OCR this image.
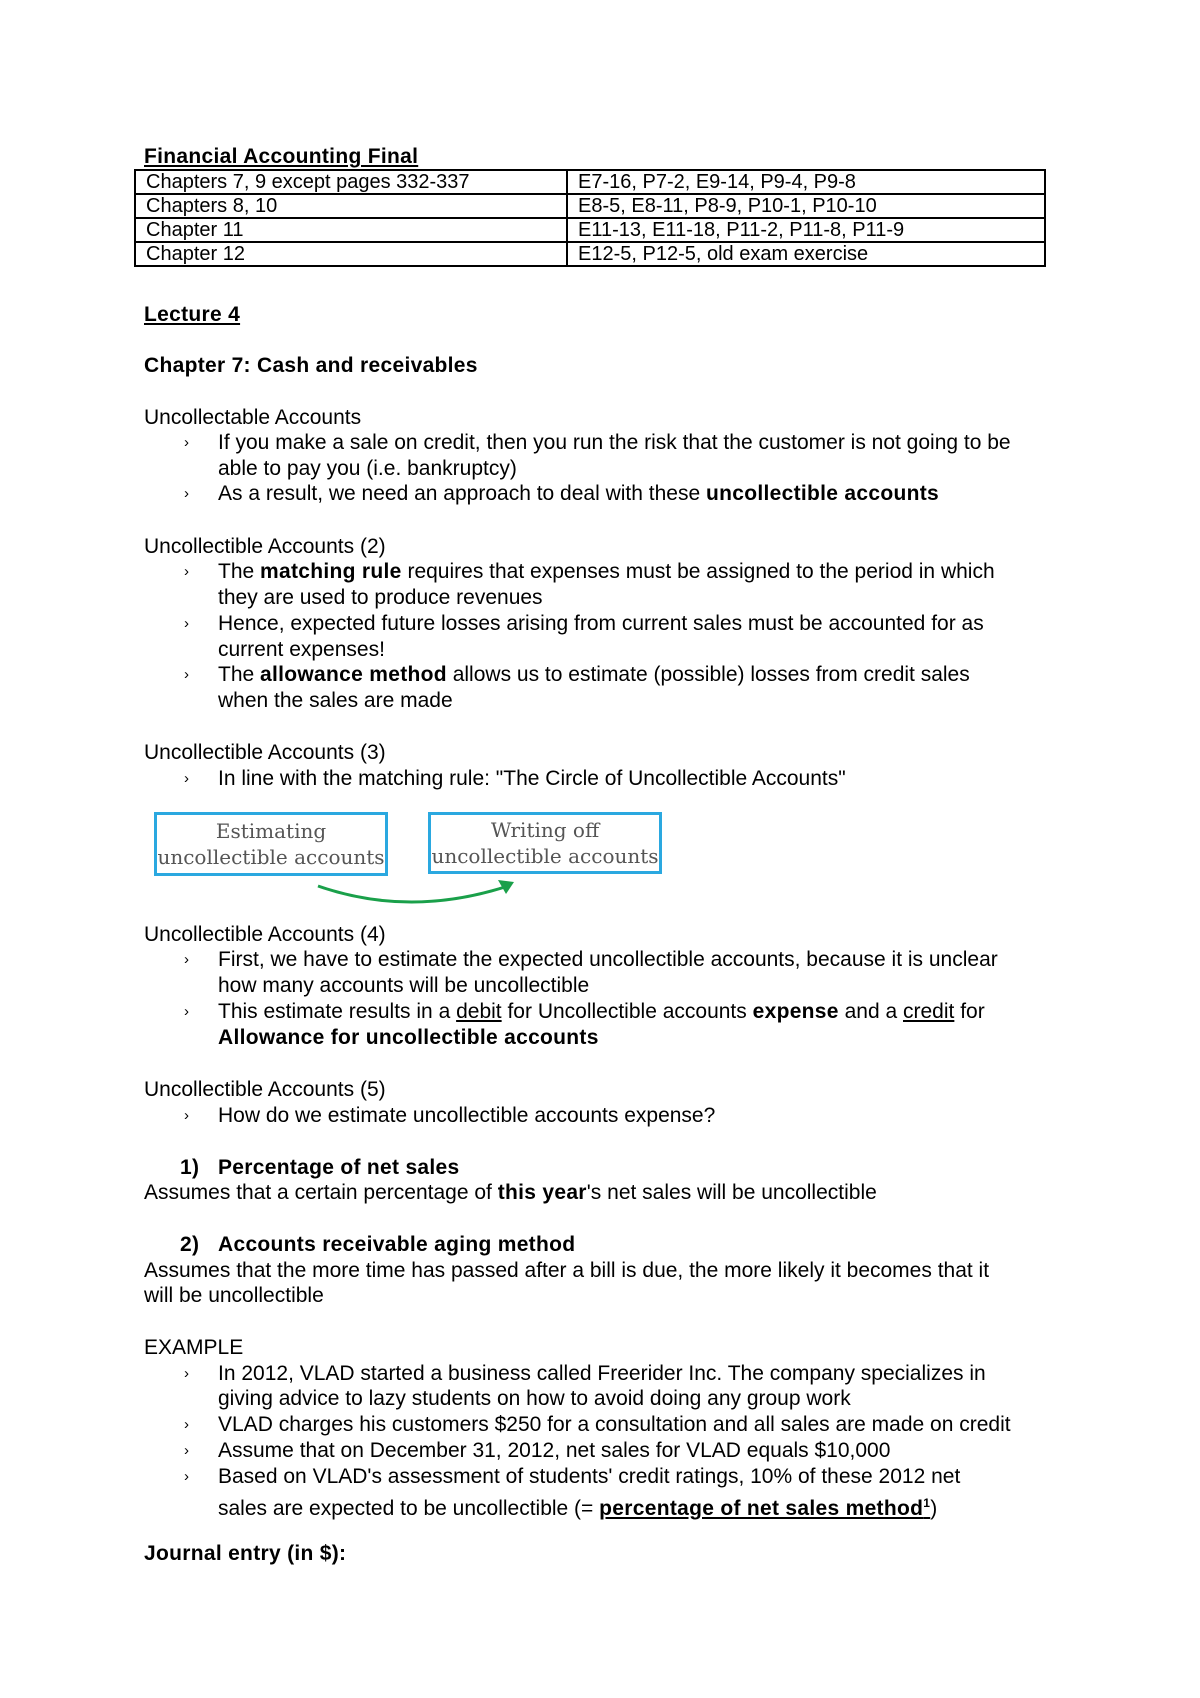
Financial Accounting Final
Chapters 7, 9 except pages 332-337	E7-16, P7-2, E9-14, P9-4, P9-8
Chapters 8, 10	E8-5, E8-11, P8-9, P10-1, P10-10
Chapter 11	E11-13, E11-18, P11-2, P11-8, P11-9
Chapter 12	E12-5, P12-5, old exam exercise
Lecture 4
Chapter 7: Cash and receivables
Uncollectable Accounts
› If you make a sale on credit, then you run the risk that the customer is not going to be
able to pay you (i.e. bankruptcy)
› As a result, we need an approach to deal with these uncollectible accounts
Uncollectible Accounts (2)
› The matching rule requires that expenses must be assigned to the period in which
they are used to produce revenues
› Hence, expected future losses arising from current sales must be accounted for as
current expenses!
› The allowance method allows us to estimate (possible) losses from credit sales
when the sales are made
Uncollectible Accounts (3)
› In line with the matching rule: "The Circle of Uncollectible Accounts"
Estimating
uncollectible accounts
Writing off
uncollectible accounts
Uncollectible Accounts (4)
› First, we have to estimate the expected uncollectible accounts, because it is unclear
how many accounts will be uncollectible
› This estimate results in a debit for Uncollectible accounts expense and a credit for
Allowance for uncollectible accounts
Uncollectible Accounts (5)
› How do we estimate uncollectible accounts expense?
1) Percentage of net sales
Assumes that a certain percentage of this year's net sales will be uncollectible
2) Accounts receivable aging method
Assumes that the more time has passed after a bill is due, the more likely it becomes that it
will be uncollectible
EXAMPLE
› In 2012, VLAD started a business called Freerider Inc. The company specializes in
giving advice to lazy students on how to avoid doing any group work
› VLAD charges his customers $250 for a consultation and all sales are made on credit
› Assume that on December 31, 2012, net sales for VLAD equals $10,000
› Based on VLAD's assessment of students' credit ratings, 10% of these 2012 net
sales are expected to be uncollectible (= percentage of net sales method$^1$)
Journal entry (in $):
